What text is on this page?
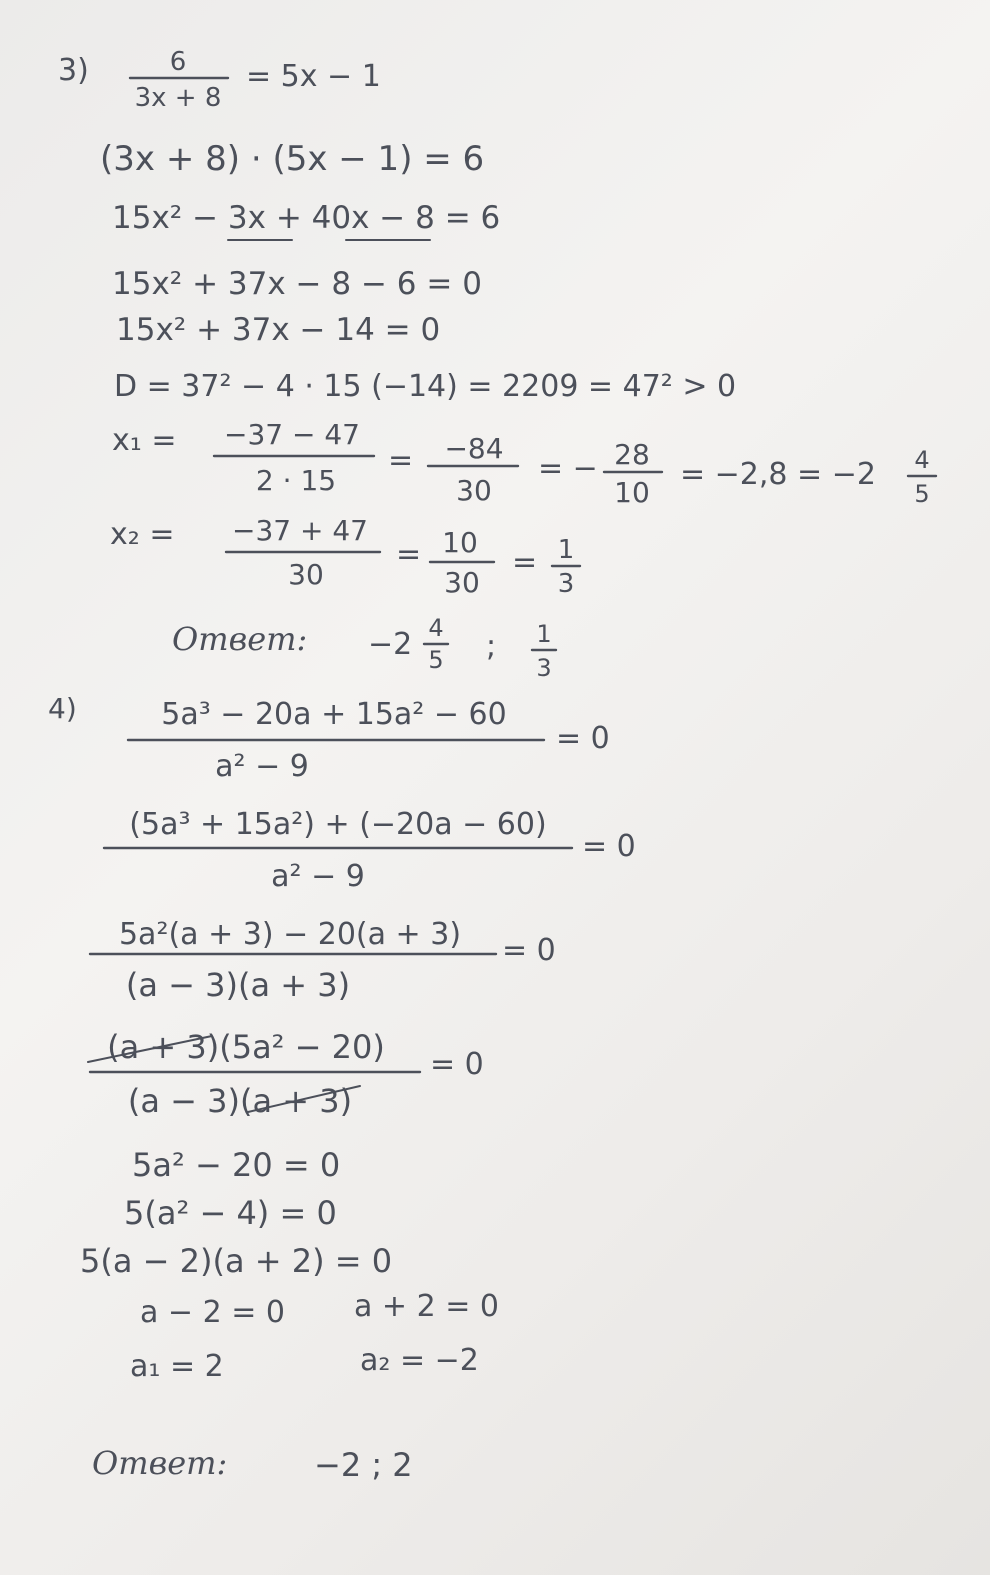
3)	6
3x + 8
= 5x − 1
(3x + 8) · (5x − 1) = 6
15x² − 3x + 40x − 8 = 6
15x² + 37x − 8 − 6 = 0
15x² + 37x − 14 = 0
D = 37² − 4 · 15 (−14) = 2209 = 47² > 0
x₁ = −37 − 47
2 · 15
= −84
30
= − 28
10
= −2,8 = −2 4
5
x₂ = −37 + 47
30
= 10
30
= 1
3
Ответ: −2 4
5 ; 1
3
4)	5a³ − 20a + 15a² − 60
a² − 9
= 0
(5a³ + 15a²) + (−20a − 60)
a² − 9
= 0
5a²(a + 3) − 20(a + 3)
(a − 3)(a + 3)
= 0
(a + 3)(5a² − 20)
(a − 3)(a + 3)
= 0
5a² − 20 = 0
5(a² − 4) = 0
5(a − 2)(a + 2) = 0
a − 2 = 0 a + 2 = 0
a₁ = 2	a₂ = −2
Ответ:	−2 ; 2
